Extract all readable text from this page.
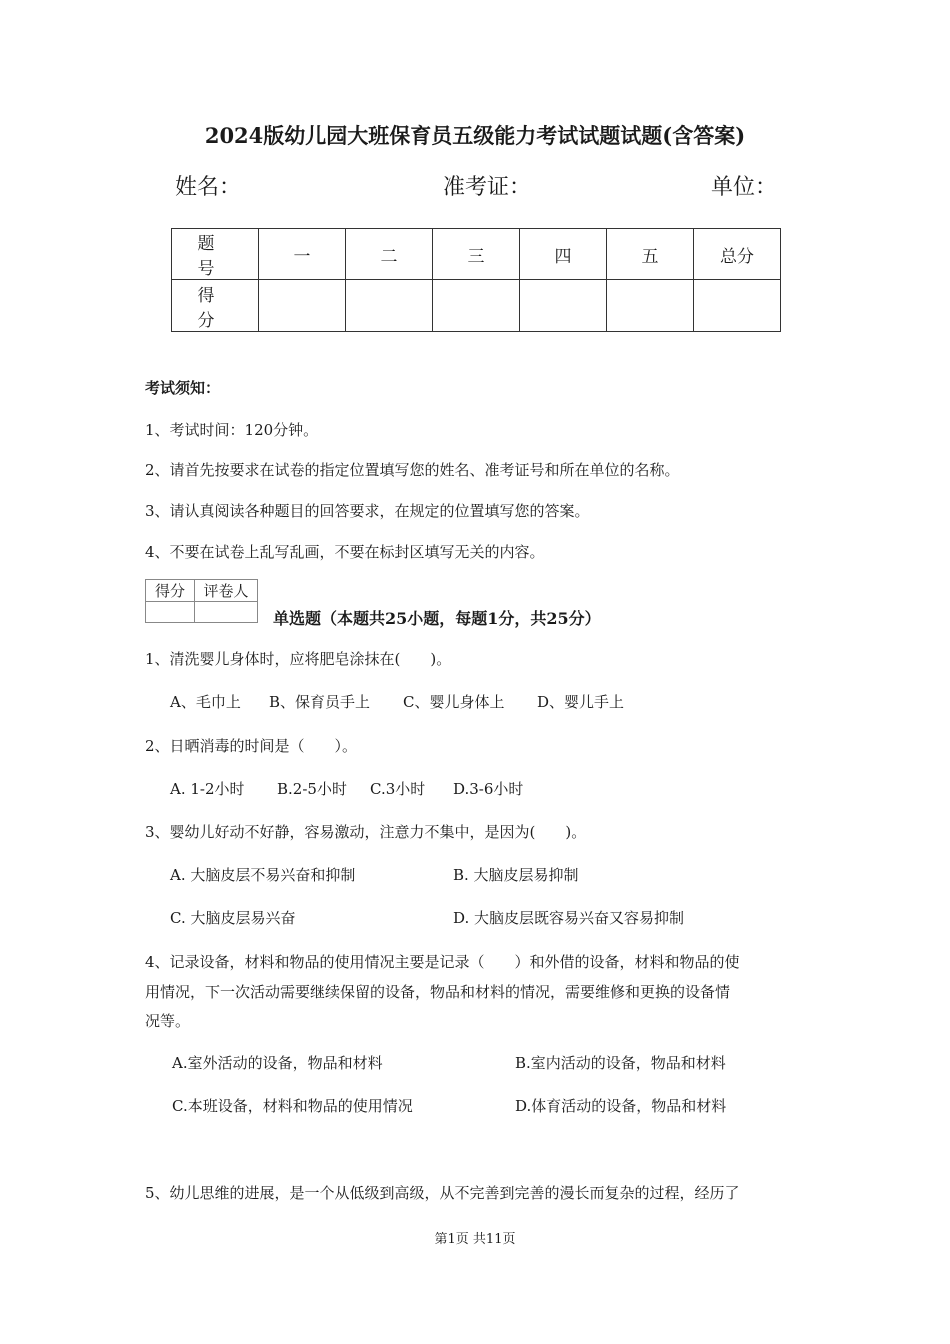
2024版幼儿园大班保育员五级能力考试试题试题(含答案)
姓名：	准考证：	单位：
题 号	一	二	三	四	五	总分
得 分						
考试须知：
1、考试时间：120分钟。
2、请首先按要求在试卷的指定位置填写您的姓名、准考证号和所在单位的名称。
3、请认真阅读各种题目的回答要求，在规定的位置填写您的答案。
4、不要在试卷上乱写乱画，不要在标封区填写无关的内容。
得分	评卷人

单选题（本题共25小题，每题1分，共25分）
1、清洗婴儿身体时，应将肥皂涂抹在(　　)。
A、毛巾上 B、保育员手上 C、婴儿身体上 D、婴儿手上
2、日晒消毒的时间是（　　）。
A. 1-2小时 B.2-5小时 C.3小时 D.3-6小时
3、婴幼儿好动不好静，容易激动，注意力不集中，是因为(　　)。
A. 大脑皮层不易兴奋和抑制	B. 大脑皮层易抑制
C. 大脑皮层易兴奋	D. 大脑皮层既容易兴奋又容易抑制
4、记录设备，材料和物品的使用情况主要是记录（　　）和外借的设备，材料和物品的使
用情况，下一次活动需要继续保留的设备，物品和材料的情况，需要维修和更换的设备情
况等。
A.室外活动的设备，物品和材料	B.室内活动的设备，物品和材料
C.本班设备，材料和物品的使用情况	D.体育活动的设备，物品和材料
5、幼儿思维的进展，是一个从低级到高级，从不完善到完善的漫长而复杂的过程，经历了
第1页 共11页
